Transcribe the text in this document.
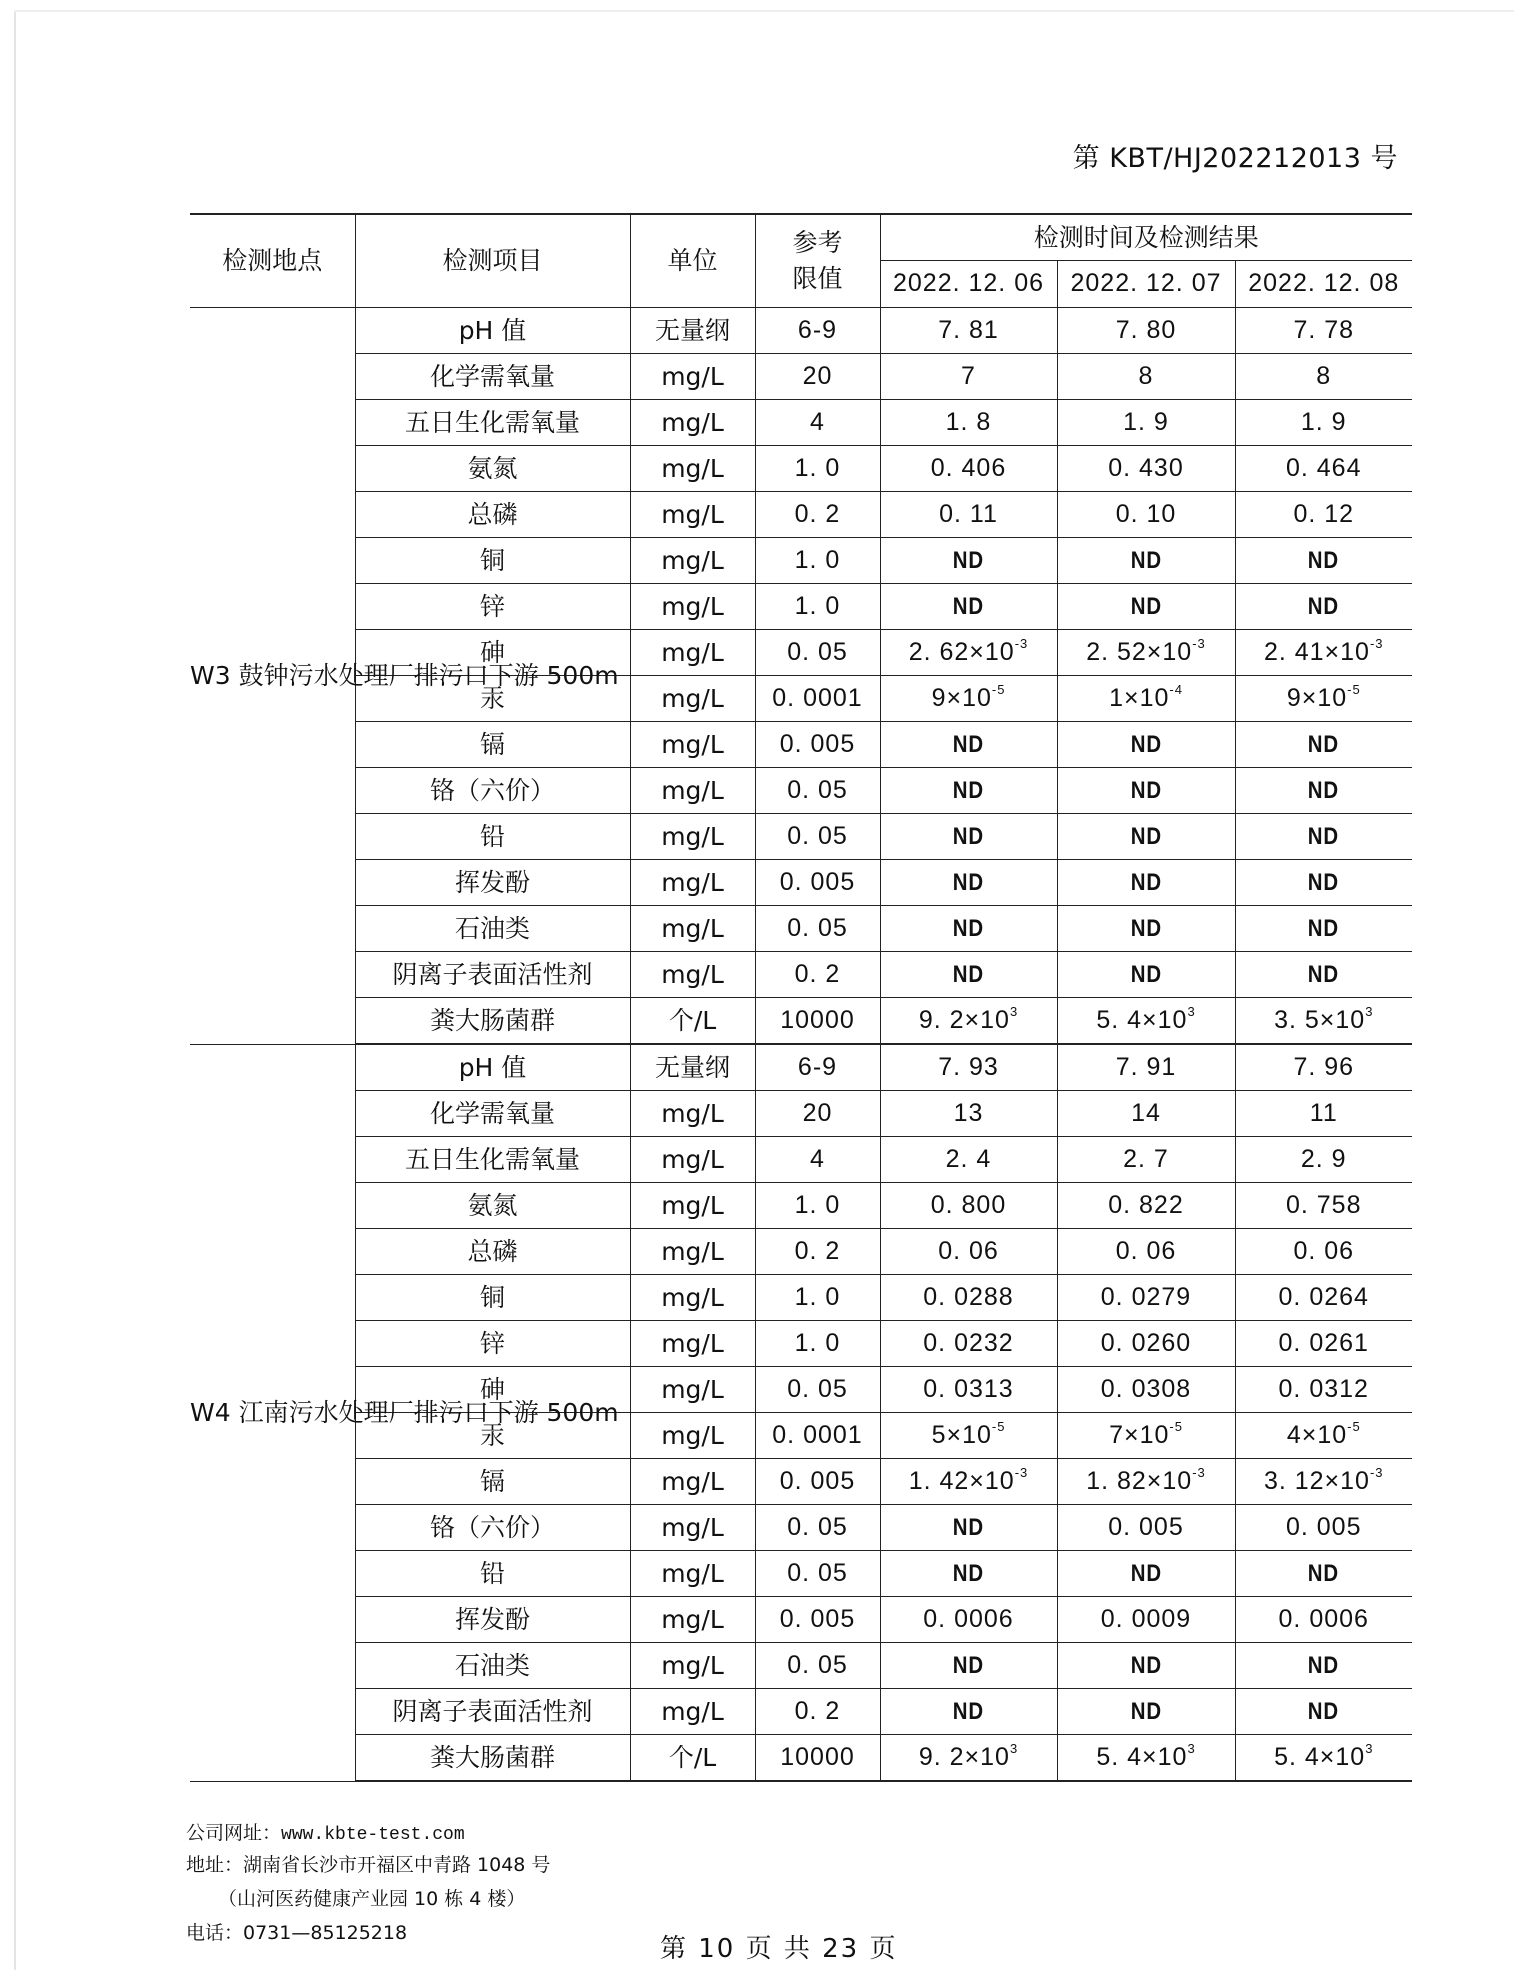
第 KBT/HJ202212013 号
检测地点	检测项目	单位	参考限值	检测时间及检测结果		
				2022. 12. 06	2022. 12. 07	2022. 12. 08
W3 鼓钟污水处理厂排污口下游 500m	pH 值	无量纲	6-9	7. 81	7. 80	7. 78
	化学需氧量	mg/L	20	7	8	8
	五日生化需氧量	mg/L	4	1. 8	1. 9	1. 9
	氨氮	mg/L	1. 0	0. 406	0. 430	0. 464
	总磷	mg/L	0. 2	0. 11	0. 10	0. 12
	铜	mg/L	1. 0	ND	ND	ND
	锌	mg/L	1. 0	ND	ND	ND
	砷	mg/L	0. 05	2. $62\times 10^{-3}$	2. $52\times 10^{-3}$	2. $41\times 10^{-3}$
	汞	mg/L	0. 0001	$9\times 10^{-5}$	$1\times 10^{-4}$	$9\times 10^{-5}$
	镉	mg/L	0. 005	ND	ND	ND
	铬（六价）	mg/L	0. 05	ND	ND	ND
	铅	mg/L	0. 05	ND	ND	ND
	挥发酚	mg/L	0. 005	ND	ND	ND
	石油类	mg/L	0. 05	ND	ND	ND
	阴离子表面活性剂	mg/L	0. 2	ND	ND	ND
	粪大肠菌群	个/L	10000	9. $2\times 10^3$	5. $4\times 10^3$	3. $5\times 10^3$
W4 江南污水处理厂排污口下游 500m	pH 值	无量纲	6-9	7. 93	7. 91	7. 96
	化学需氧量	mg/L	20	13	14	11
	五日生化需氧量	mg/L	4	2. 4	2. 7	2. 9
	氨氮	mg/L	1. 0	0. 800	0. 822	0. 758
	总磷	mg/L	0. 2	0. 06	0. 06	0. 06
	铜	mg/L	1. 0	0. 0288	0. 0279	0. 0264
	锌	mg/L	1. 0	0. 0232	0. 0260	0. 0261
	砷	mg/L	0. 05	0. 0313	0. 0308	0. 0312
	汞	mg/L	0. 0001	$5\times 10^{-5}$	$7\times 10^{-5}$	$4\times 10^{-5}$
	镉	mg/L	0. 005	1. $42\times 10^{-3}$	1. $82\times 10^{-3}$	3. $12\times 10^{-3}$
	铬（六价）	mg/L	0. 05	ND	0. 005	0. 005
	铅	mg/L	0. 05	ND	ND	ND
	挥发酚	mg/L	0. 005	0. 0006	0. 0009	0. 0006
	石油类	mg/L	0. 05	ND	ND	ND
	阴离子表面活性剂	mg/L	0. 2	ND	ND	ND
	粪大肠菌群	个/L	10000	9. $2\times 10^3$	5. $4\times 10^3$	5. $4\times 10^3$
公司网址：www.kbte-test.com
地址：湖南省长沙市开福区中青路 1048 号
（山河医药健康产业园 10 栋 4 楼）
电话：0731—85125218
第 10 页 共 23 页
